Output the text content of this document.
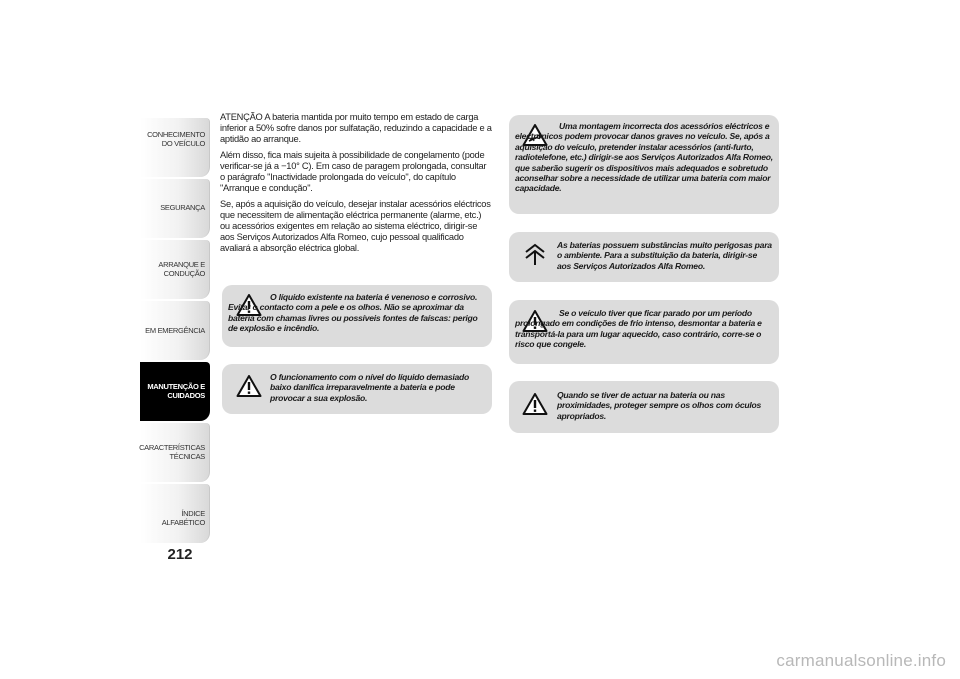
CONHECIMENTO DO VEÍCULO
SEGURANÇA
ARRANQUE E CONDUÇÃO
EM EMERGÊNCIA
MANUTENÇÃO E CUIDADOS
CARACTERÍSTICAS TÉCNICAS
ÍNDICE ALFABÉTICO
212

ATENÇÃO A bateria mantida por muito tempo em estado de carga inferior a 50% sofre danos por sulfatação, reduzindo a capacidade e a aptidão ao arranque.

Além disso, fica mais sujeita à possibilidade de congelamento (pode verificar-se já a −10° C). Em caso de paragem prolongada, consultar o parágrafo "Inactividade prolongada do veículo", do capítulo "Arranque e condução".

Se, após a aquisição do veículo, desejar instalar acessórios eléctricos que necessitem de alimentação eléctrica permanente (alarme, etc.) ou acessórios exigentes em relação ao sistema eléctrico, dirigir-se aos Serviços Autorizados Alfa Romeo, cujo pessoal qualificado avaliará a absorção eléctrica global.

O líquido existente na bateria é venenoso e corrosivo. Evitar o contacto com a pele e os olhos. Não se aproximar da bateria com chamas livres ou possíveis fontes de faíscas: perigo de explosão e incêndio.
O funcionamento com o nível do líquido demasiado baixo danifica irreparavelmente a bateria e pode provocar a sua explosão.
Uma montagem incorrecta dos acessórios eléctricos e electrónicos podem provocar danos graves no veículo. Se, após a aquisição do veículo, pretender instalar acessórios (anti-furto, radiotelefone, etc.) dirigir-se aos Serviços Autorizados Alfa Romeo, que saberão sugerir os dispositivos mais adequados e sobretudo aconselhar sobre a necessidade de utilizar uma bateria com maior capacidade.
As baterias possuem substâncias muito perigosas para o ambiente. Para a substituição da bateria, dirigir-se aos Serviços Autorizados Alfa Romeo.
Se o veículo tiver que ficar parado por um período prolongado em condições de frio intenso, desmontar a bateria e transportá-la para um lugar aquecido, caso contrário, corre-se o risco que congele.
Quando se tiver de actuar na bateria ou nas proximidades, proteger sempre os olhos com óculos apropriados.
carmanualsonline.info
